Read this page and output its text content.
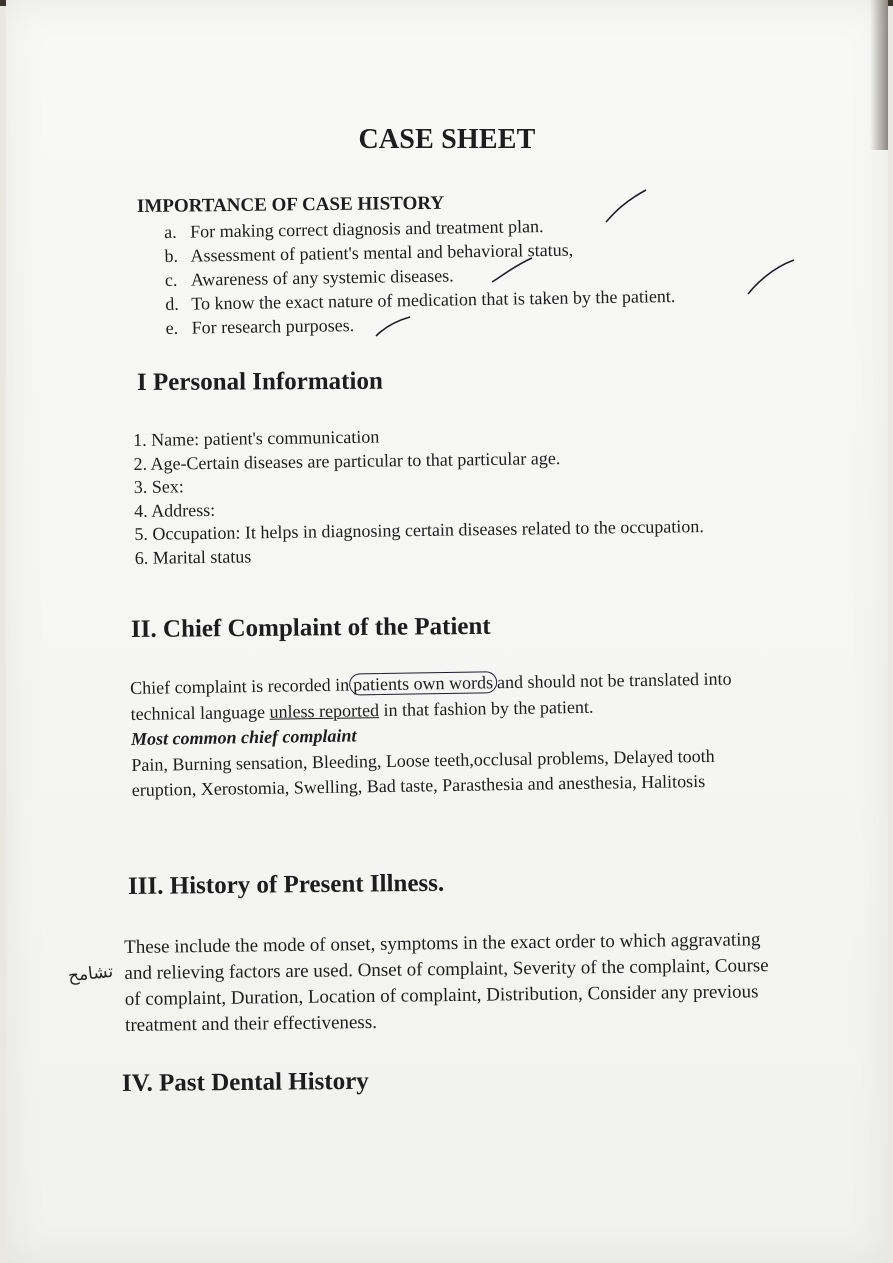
CASE SHEET
IMPORTANCE OF CASE HISTORY
a. For making correct diagnosis and treatment plan.
b. Assessment of patient's mental and behavioral status,
c. Awareness of any systemic diseases.
d. To know the exact nature of medication that is taken by the patient.
e. For research purposes.
I Personal Information
1. Name: patient's communication
2. Age-Certain diseases are particular to that particular age.
3. Sex:
4. Address:
5. Occupation: It helps in diagnosing certain diseases related to the occupation.
6. Marital status
II. Chief Complaint of the Patient
Chief complaint is recorded in patients own words and should not be translated into technical language unless reported in that fashion by the patient.
Most common chief complaint
Pain, Burning sensation, Bleeding, Loose teeth,occlusal problems, Delayed tooth eruption, Xerostomia, Swelling, Bad taste, Parasthesia and anesthesia, Halitosis
III. History of Present Illness.
These include the mode of onset, symptoms in the exact order to which aggravating and relieving factors are used. Onset of complaint, Severity of the complaint, Course of complaint, Duration, Location of complaint, Distribution, Consider any previous treatment and their effectiveness.
تشامح
IV. Past Dental History
